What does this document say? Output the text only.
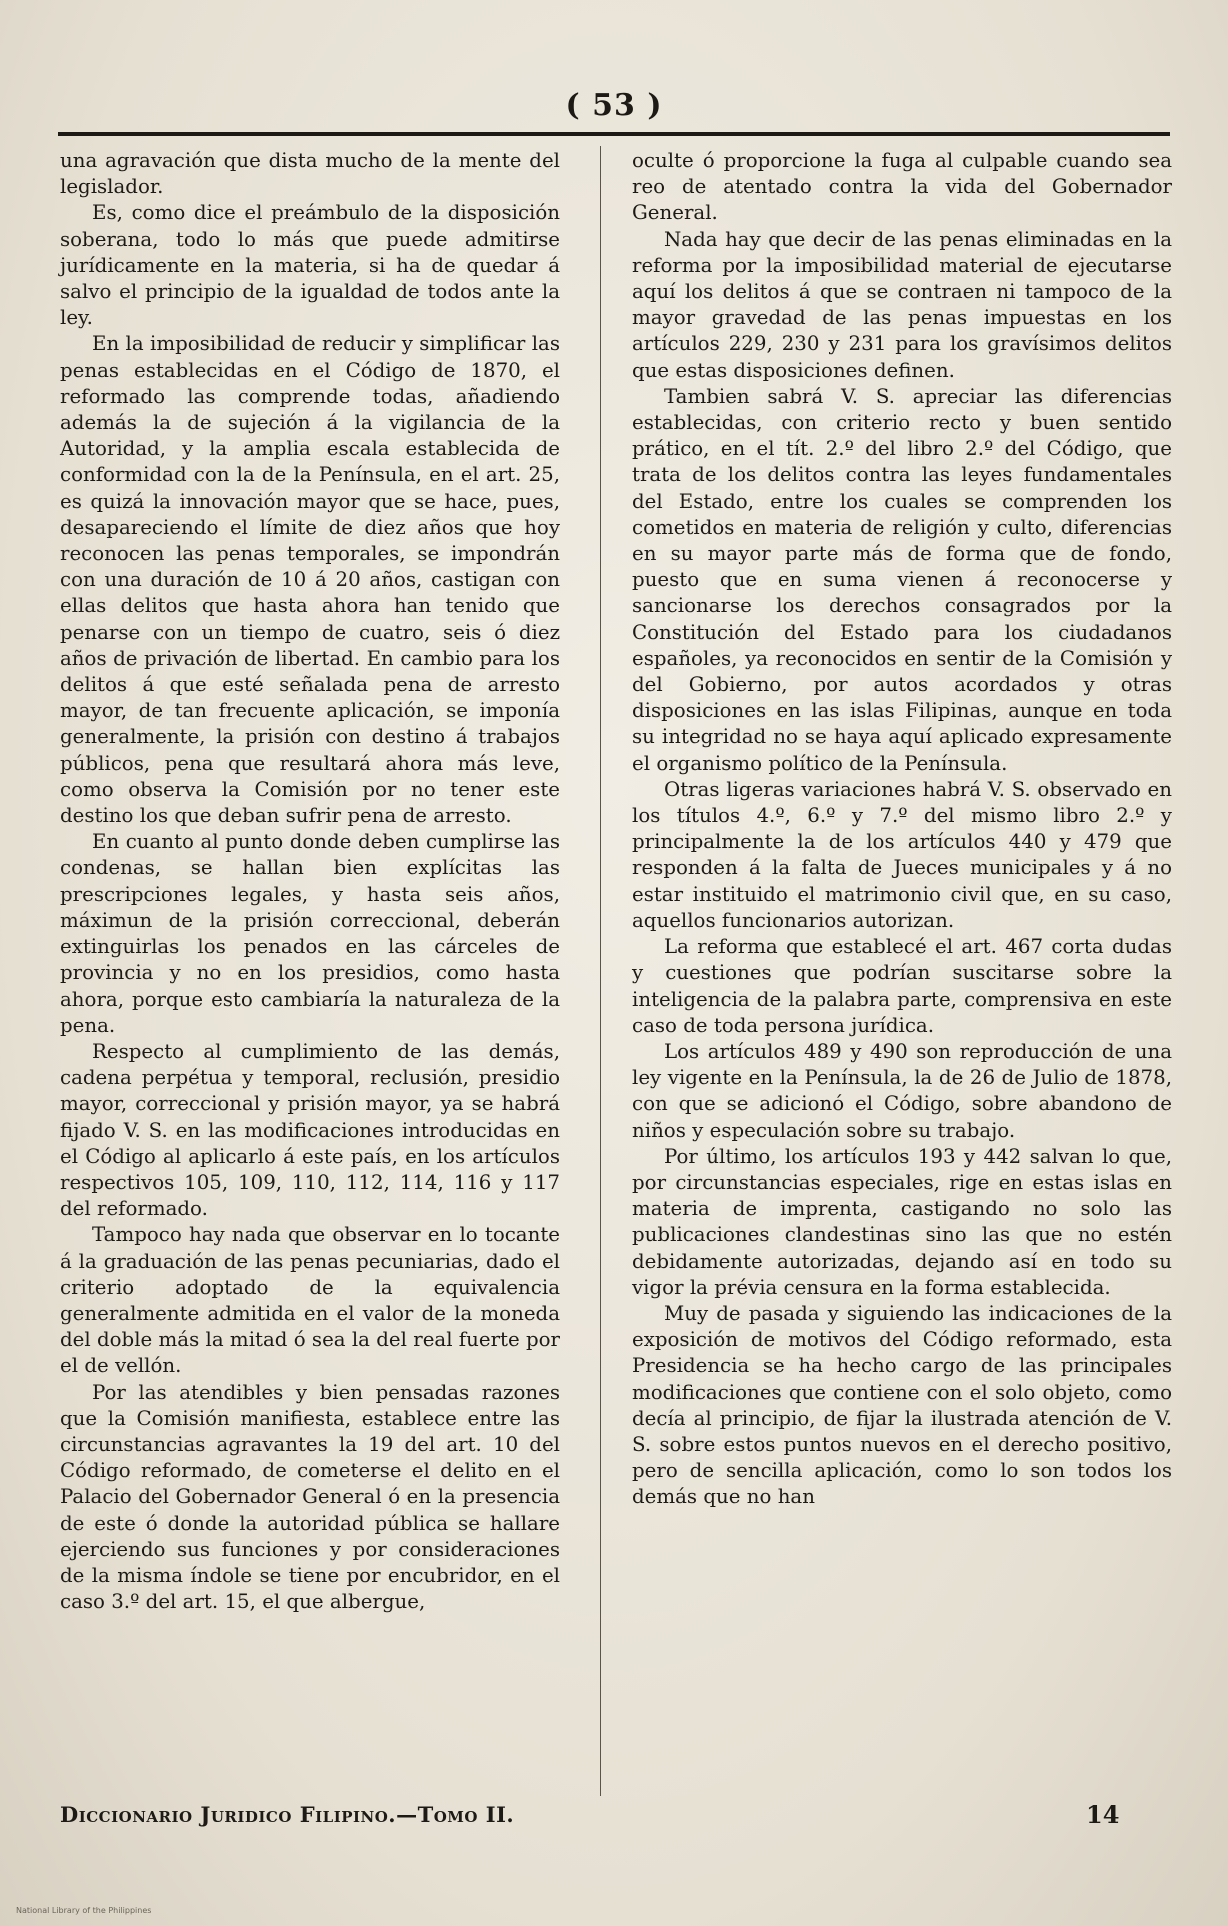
( 53 )

una agravación que dista mucho de la mente del legislador.

Es, como dice el preámbulo de la disposición soberana, todo lo más que puede admitirse jurídicamente en la materia, si ha de quedar á salvo el principio de la igualdad de todos ante la ley.

En la imposibilidad de reducir y simplificar las penas establecidas en el Código de 1870, el reformado las comprende todas, añadiendo además la de sujeción á la vigilancia de la Autoridad, y la amplia escala establecida de conformidad con la de la Península, en el art. 25, es quizá la innovación mayor que se hace, pues, desapareciendo el límite de diez años que hoy reconocen las penas temporales, se impondrán con una duración de 10 á 20 años, castigan con ellas delitos que hasta ahora han tenido que penarse con un tiempo de cuatro, seis ó diez años de privación de libertad. En cambio para los delitos á que esté señalada pena de arresto mayor, de tan frecuente aplicación, se imponía generalmente, la prisión con destino á trabajos públicos, pena que resultará ahora más leve, como observa la Comisión por no tener este destino los que deban sufrir pena de arresto.

En cuanto al punto donde deben cumplirse las condenas, se hallan bien explícitas las prescripciones legales, y hasta seis años, máximun de la prisión correccional, deberán extinguirlas los penados en las cárceles de provincia y no en los presidios, como hasta ahora, porque esto cambiaría la naturaleza de la pena.

Respecto al cumplimiento de las demás, cadena perpétua y temporal, reclusión, presidio mayor, correccional y prisión mayor, ya se habrá fijado V. S. en las modificaciones introducidas en el Código al aplicarlo á este país, en los artículos respectivos 105, 109, 110, 112, 114, 116 y 117 del reformado.

Tampoco hay nada que observar en lo tocante á la graduación de las penas pecuniarias, dado el criterio adoptado de la equivalencia generalmente admitida en el valor de la moneda del doble más la mitad ó sea la del real fuerte por el de vellón.

Por las atendibles y bien pensadas razones que la Comisión manifiesta, establece entre las circunstancias agravantes la 19 del art. 10 del Código reformado, de cometerse el delito en el Palacio del Gobernador General ó en la presencia de este ó donde la autoridad pública se hallare ejerciendo sus funciones y por consideraciones de la misma índole se tiene por encubridor, en el caso 3.º del art. 15, el que albergue,

oculte ó proporcione la fuga al culpable cuando sea reo de atentado contra la vida del Gobernador General.

Nada hay que decir de las penas eliminadas en la reforma por la imposibilidad material de ejecutarse aquí los delitos á que se contraen ni tampoco de la mayor gravedad de las penas impuestas en los artículos 229, 230 y 231 para los gravísimos delitos que estas disposiciones definen.

Tambien sabrá V. S. apreciar las diferencias establecidas, con criterio recto y buen sentido prático, en el tít. 2.º del libro 2.º del Código, que trata de los delitos contra las leyes fundamentales del Estado, entre los cuales se comprenden los cometidos en materia de religión y culto, diferencias en su mayor parte más de forma que de fondo, puesto que en suma vienen á reconocerse y sancionarse los derechos consagrados por la Constitución del Estado para los ciudadanos españoles, ya reconocidos en sentir de la Comisión y del Gobierno, por autos acordados y otras disposiciones en las islas Filipinas, aunque en toda su integridad no se haya aquí aplicado expresamente el organismo político de la Península.

Otras ligeras variaciones habrá V. S. observado en los títulos 4.º, 6.º y 7.º del mismo libro 2.º y principalmente la de los artículos 440 y 479 que responden á la falta de Jueces municipales y á no estar instituido el matrimonio civil que, en su caso, aquellos funcionarios autorizan.

La reforma que establecé el art. 467 corta dudas y cuestiones que podrían suscitarse sobre la inteligencia de la palabra parte, comprensiva en este caso de toda persona jurídica.

Los artículos 489 y 490 son reproducción de una ley vigente en la Península, la de 26 de Julio de 1878, con que se adicionó el Código, sobre abandono de niños y especulación sobre su trabajo.

Por último, los artículos 193 y 442 salvan lo que, por circunstancias especiales, rige en estas islas en materia de imprenta, castigando no solo las publicaciones clandestinas sino las que no estén debidamente autorizadas, dejando así en todo su vigor la prévia censura en la forma establecida.

Muy de pasada y siguiendo las indicaciones de la exposición de motivos del Código reformado, esta Presidencia se ha hecho cargo de las principales modificaciones que contiene con el solo objeto, como decía al principio, de fijar la ilustrada atención de V. S. sobre estos puntos nuevos en el derecho positivo, pero de sencilla aplicación, como lo son todos los demás que no han

Diccionario Juridico Filipino.—Tomo II.	14
National Library of the Philippines
